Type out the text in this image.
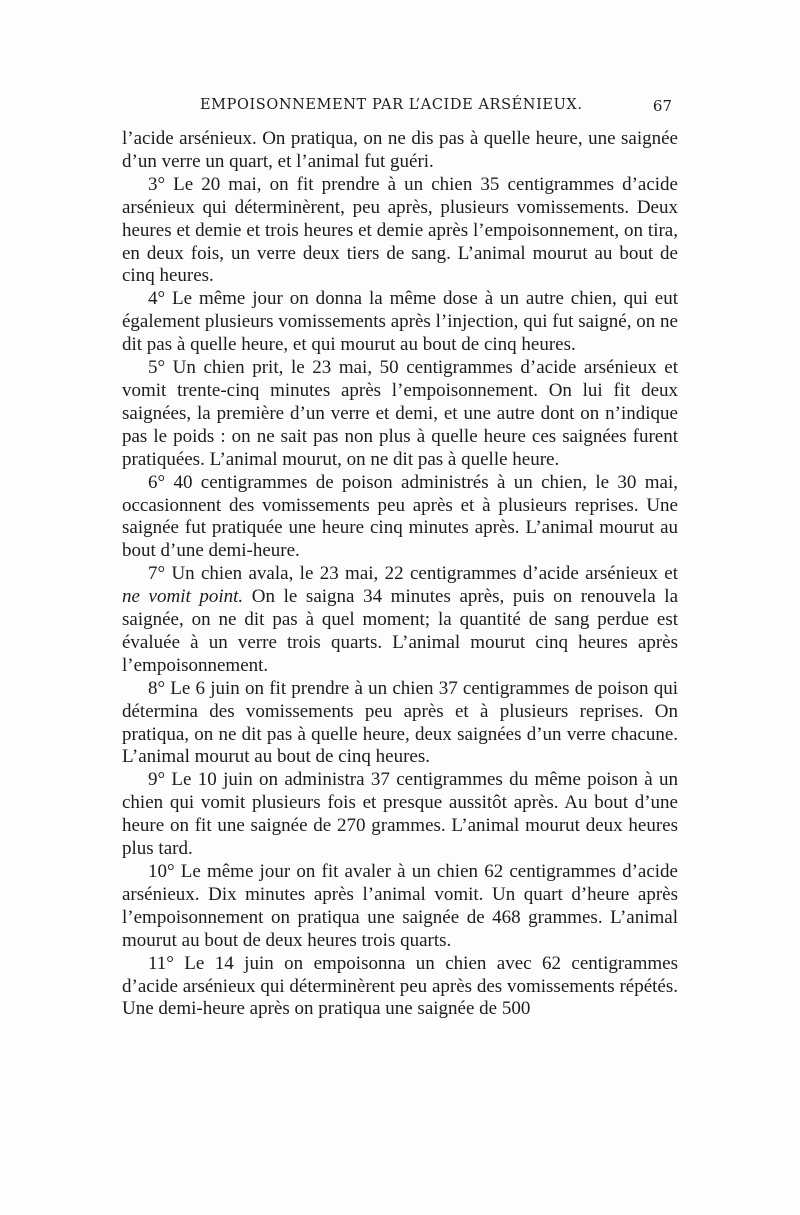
EMPOISONNEMENT PAR L’ACIDE ARSÉNIEUX.	67

l’acide arsénieux. On pratiqua, on ne dis pas à quelle heure, une saignée d’un verre un quart, et l’animal fut guéri.

3° Le 20 mai, on fit prendre à un chien 35 centigrammes d’acide arsénieux qui déterminèrent, peu après, plusieurs vomissements. Deux heures et demie et trois heures et demie après l’empoisonnement, on tira, en deux fois, un verre deux tiers de sang. L’animal mourut au bout de cinq heures.

4° Le même jour on donna la même dose à un autre chien, qui eut également plusieurs vomissements après l’injection, qui fut saigné, on ne dit pas à quelle heure, et qui mourut au bout de cinq heures.

5° Un chien prit, le 23 mai, 50 centigrammes d’acide arsénieux et vomit trente-cinq minutes après l’empoisonnement. On lui fit deux saignées, la première d’un verre et demi, et une autre dont on n’indique pas le poids : on ne sait pas non plus à quelle heure ces saignées furent pratiquées. L’animal mourut, on ne dit pas à quelle heure.

6° 40 centigrammes de poison administrés à un chien, le 30 mai, occasionnent des vomissements peu après et à plusieurs reprises. Une saignée fut pratiquée une heure cinq minutes après. L’animal mourut au bout d’une demi-heure.

7° Un chien avala, le 23 mai, 22 centigrammes d’acide arsénieux et ne vomit point. On le saigna 34 minutes après, puis on renouvela la saignée, on ne dit pas à quel moment; la quantité de sang perdue est évaluée à un verre trois quarts. L’animal mourut cinq heures après l’empoisonnement.

8° Le 6 juin on fit prendre à un chien 37 centigrammes de poison qui détermina des vomissements peu après et à plusieurs reprises. On pratiqua, on ne dit pas à quelle heure, deux saignées d’un verre chacune. L’animal mourut au bout de cinq heures.

9° Le 10 juin on administra 37 centigrammes du même poison à un chien qui vomit plusieurs fois et presque aussitôt après. Au bout d’une heure on fit une saignée de 270 grammes. L’animal mourut deux heures plus tard.

10° Le même jour on fit avaler à un chien 62 centigrammes d’acide arsénieux. Dix minutes après l’animal vomit. Un quart d’heure après l’empoisonnement on pratiqua une saignée de 468 grammes. L’animal mourut au bout de deux heures trois quarts.

11° Le 14 juin on empoisonna un chien avec 62 centigrammes d’acide arsénieux qui déterminèrent peu après des vomissements répétés. Une demi-heure après on pratiqua une saignée de 500
